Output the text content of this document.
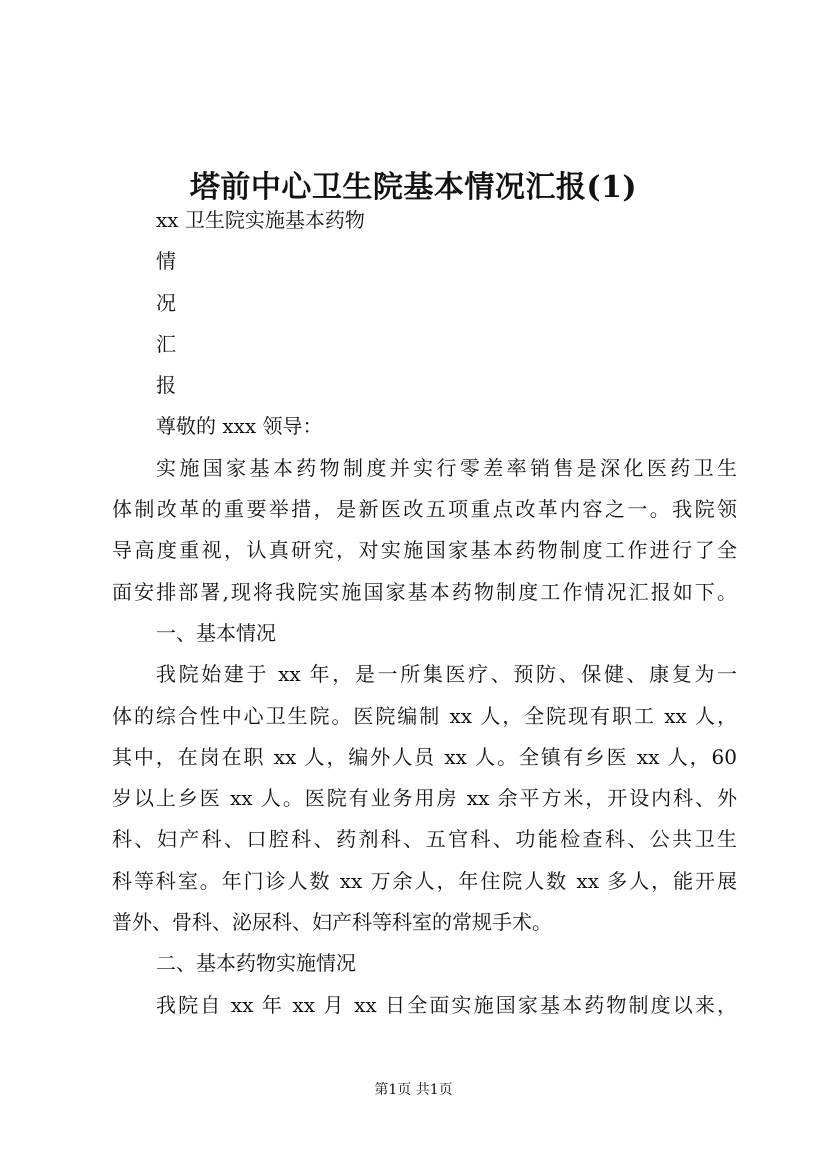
塔前中心卫生院基本情况汇报(1)

xx 卫生院实施基本药物

情

况

汇

报

尊敬的 xxx 领导：

实施国家基本药物制度并实行零差率销售是深化医药卫生

体制改革的重要举措，是新医改五项重点改革内容之一。我院领

导高度重视，认真研究，对实施国家基本药物制度工作进行了全

面安排部署,现将我院实施国家基本药物制度工作情况汇报如下。

一、基本情况

我院始建于 xx 年，是一所集医疗、预防、保健、康复为一

体的综合性中心卫生院。医院编制 xx 人，全院现有职工 xx 人，

其中，在岗在职 xx 人，编外人员 xx 人。全镇有乡医 xx 人，60

岁以上乡医 xx 人。医院有业务用房 xx 余平方米，开设内科、外

科、妇产科、口腔科、药剂科、五官科、功能检查科、公共卫生

科等科室。年门诊人数 xx 万余人，年住院人数 xx 多人，能开展

普外、骨科、泌尿科、妇产科等科室的常规手术。

二、基本药物实施情况

我院自 xx 年 xx 月 xx 日全面实施国家基本药物制度以来，

第1页 共1页
